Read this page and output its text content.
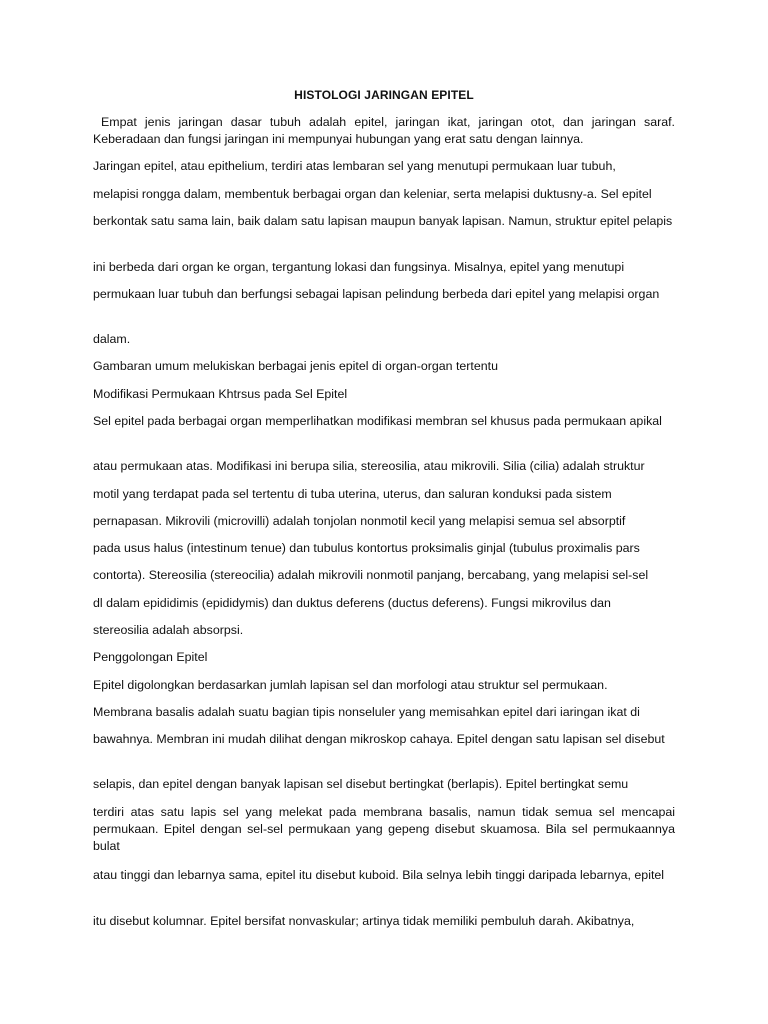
HISTOLOGI JARINGAN EPITEL

Empat jenis jaringan dasar tubuh adalah epitel, jaringan ikat, jaringan otot, dan jaringan saraf. Keberadaan dan fungsi jaringan ini mempunyai hubungan yang erat satu dengan lainnya.

Jaringan epitel, atau epithelium, terdiri atas lembaran sel yang menutupi permukaan luar tubuh,

melapisi rongga dalam, membentuk berbagai organ dan keleniar, serta melapisi duktusny-a. Sel epitel

berkontak satu sama lain, baik dalam satu lapisan maupun banyak lapisan. Namun, struktur epitel pelapis

ini berbeda dari organ ke organ, tergantung lokasi dan fungsinya. Misalnya, epitel yang menutupi

permukaan luar tubuh dan berfungsi sebagai lapisan pelindung berbeda dari epitel yang melapisi organ

dalam.

Gambaran umum melukiskan berbagai jenis epitel di organ-organ tertentu

Modifikasi Permukaan Khtrsus pada Sel Epitel

Sel epitel pada berbagai organ memperlihatkan modifikasi membran sel khusus pada permukaan apikal

atau permukaan atas. Modifikasi ini berupa silia, stereosilia, atau mikrovili. Silia (cilia) adalah struktur

motil yang terdapat pada sel tertentu di tuba uterina, uterus, dan saluran konduksi pada sistem

pernapasan. Mikrovili (microvilli) adalah tonjolan nonmotil kecil yang melapisi semua sel absorptif

pada usus halus (intestinum tenue) dan tubulus kontortus proksimalis ginjal (tubulus proximalis pars

contorta). Stereosilia (stereocilia) adalah mikrovili nonmotil panjang, bercabang, yang melapisi sel-sel

dl dalam epididimis (epididymis) dan duktus deferens (ductus deferens). Fungsi mikrovilus dan

stereosilia adalah absorpsi.

Penggolongan Epitel

Epitel digolongkan berdasarkan jumlah lapisan sel dan morfologi atau struktur sel permukaan.

Membrana basalis adalah suatu bagian tipis nonseluler yang memisahkan epitel dari iaringan ikat di

bawahnya. Membran ini mudah dilihat dengan mikroskop cahaya. Epitel dengan satu lapisan sel disebut

selapis, dan epitel dengan banyak lapisan sel disebut bertingkat (berlapis). Epitel bertingkat semu

terdiri atas satu lapis sel yang melekat pada membrana basalis, namun tidak semua sel mencapai permukaan. Epitel dengan sel-sel permukaan yang gepeng disebut skuamosa. Bila sel permukaannya bulat

atau tinggi dan lebarnya sama, epitel itu disebut kuboid. Bila selnya lebih tinggi daripada lebarnya, epitel

itu disebut kolumnar. Epitel bersifat nonvaskular; artinya tidak memiliki pembuluh darah. Akibatnya,
